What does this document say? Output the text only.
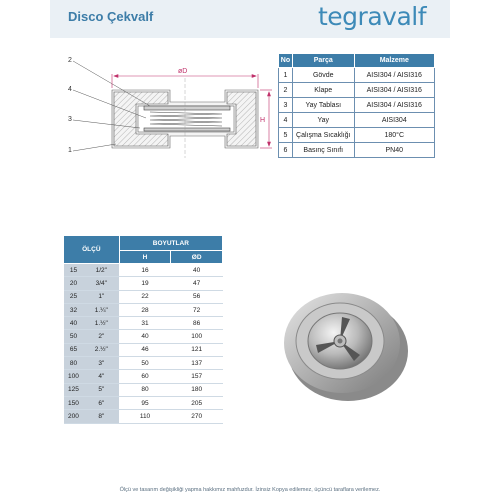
Disco Çekvalf	tegravalf
2
4
3
1
øD
H
No	Parça	Malzeme
1	Gövde	AISI304 / AISI316
2	Klape	AISI304 / AISI316
3	Yay Tablası	AISI304 / AISI316
4	Yay	AISI304
5	Çalışma Sıcaklığı	180°C
6	Basınç Sınıfı	PN40
ÖLÇÜ		BOYUTLAR	
		H	ØD
15	1/2"	16	40
20	3/4"	19	47
25	1"	22	56
32	1.¼"	28	72
40	1.½"	31	86
50	2"	40	100
65	2.½"	46	121
80	3"	50	137
100	4"	60	157
125	5"	80	180
150	6"	95	205
200	8"	110	270
Ölçü ve tasarım değişikliği yapma hakkımız mahfuzdur. İzinsiz Kopya edilemez, üçüncü taraflara verilemez.
